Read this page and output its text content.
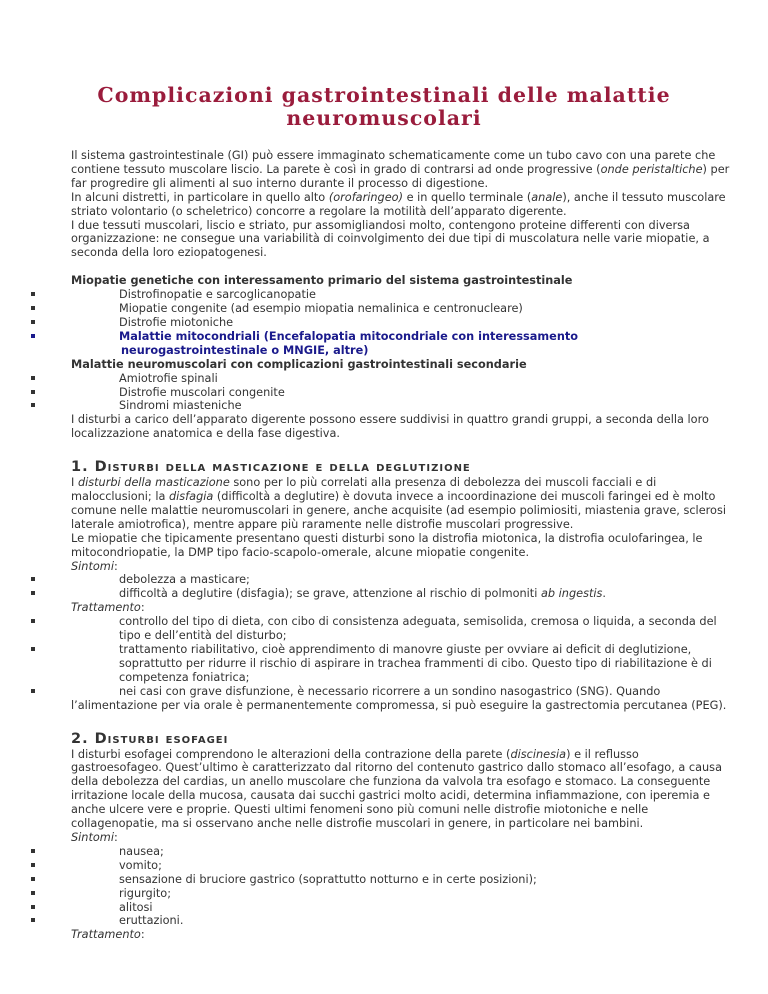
Complicazioni gastrointestinali delle malattie neuromuscolari
Il sistema gastrointestinale (GI) può essere immaginato schematicamente come un tubo cavo con una parete che contiene tessuto muscolare liscio. La parete è così in grado di contrarsi ad onde progressive (onde peristaltiche) per far progredire gli alimenti al suo interno durante il processo di digestione.
In alcuni distretti, in particolare in quello alto (orofaringeo) e in quello terminale (anale), anche il tessuto muscolare striato volontario (o scheletrico) concorre a regolare la motilità dell’apparato digerente.
I due tessuti muscolari, liscio e striato, pur assomigliandosi molto, contengono proteine differenti con diversa organizzazione: ne consegue una variabilità di coinvolgimento dei due tipi di muscolatura nelle varie miopatie, a seconda della loro eziopatogenesi.
Miopatie genetiche con interessamento primario del sistema gastrointestinale
Distrofinopatie e sarcoglicanopatie
Miopatie congenite (ad esempio miopatia nemalinica e centronucleare)
Distrofie miotoniche
Malattie mitocondriali (Encefalopatia mitocondriale con interessamento
neurogastrointestinale o MNGIE, altre)
Malattie neuromuscolari con complicazioni gastrointestinali secondarie
Amiotrofie spinali
Distrofie muscolari congenite
Sindromi miasteniche
I disturbi a carico dell’apparato digerente possono essere suddivisi in quattro grandi gruppi, a seconda della loro localizzazione anatomica e della fase digestiva.
1. Disturbi della masticazione e della deglutizione
I disturbi della masticazione sono per lo più correlati alla presenza di debolezza dei muscoli facciali e di malocclusioni; la disfagia (difficoltà a deglutire) è dovuta invece a incoordinazione dei muscoli faringei ed è molto comune nelle malattie neuromuscolari in genere, anche acquisite (ad esempio polimiositi, miastenia grave, sclerosi laterale amiotrofica), mentre appare più raramente nelle distrofie muscolari progressive.
Le miopatie che tipicamente presentano questi disturbi sono la distrofia miotonica, la distrofia oculofaringea, le mitocondriopatie, la DMP tipo facio-scapolo-omerale, alcune miopatie congenite.
Sintomi:
debolezza a masticare;
difficoltà a deglutire (disfagia); se grave, attenzione al rischio di polmoniti ab ingestis.
Trattamento:
controllo del tipo di dieta, con cibo di consistenza adeguata, semisolida, cremosa o liquida, a seconda del tipo e dell’entità del disturbo;
trattamento riabilitativo, cioè apprendimento di manovre giuste per ovviare ai deficit di deglutizione, soprattutto per ridurre il rischio di aspirare in trachea frammenti di cibo. Questo tipo di riabilitazione è di competenza foniatrica;
nei casi con grave disfunzione, è necessario ricorrere a un sondino nasogastrico (SNG). Quando
l’alimentazione per via orale è permanentemente compromessa, si può eseguire la gastrectomia percutanea (PEG).
2. Disturbi esofagei
I disturbi esofagei comprendono le alterazioni della contrazione della parete (discinesia) e il reflusso gastroesofageo. Quest’ultimo è caratterizzato dal ritorno del contenuto gastrico dallo stomaco all’esofago, a causa della debolezza del cardias, un anello muscolare che funziona da valvola tra esofago e stomaco. La conseguente irritazione locale della mucosa, causata dai succhi gastrici molto acidi, determina infiammazione, con iperemia e anche ulcere vere e proprie. Questi ultimi fenomeni sono più comuni nelle distrofie miotoniche e nelle collagenopatie, ma si osservano anche nelle distrofie muscolari in genere, in particolare nei bambini.
Sintomi:
nausea;
vomito;
sensazione di bruciore gastrico (soprattutto notturno e in certe posizioni);
rigurgito;
alitosi
eruttazioni.
Trattamento:
